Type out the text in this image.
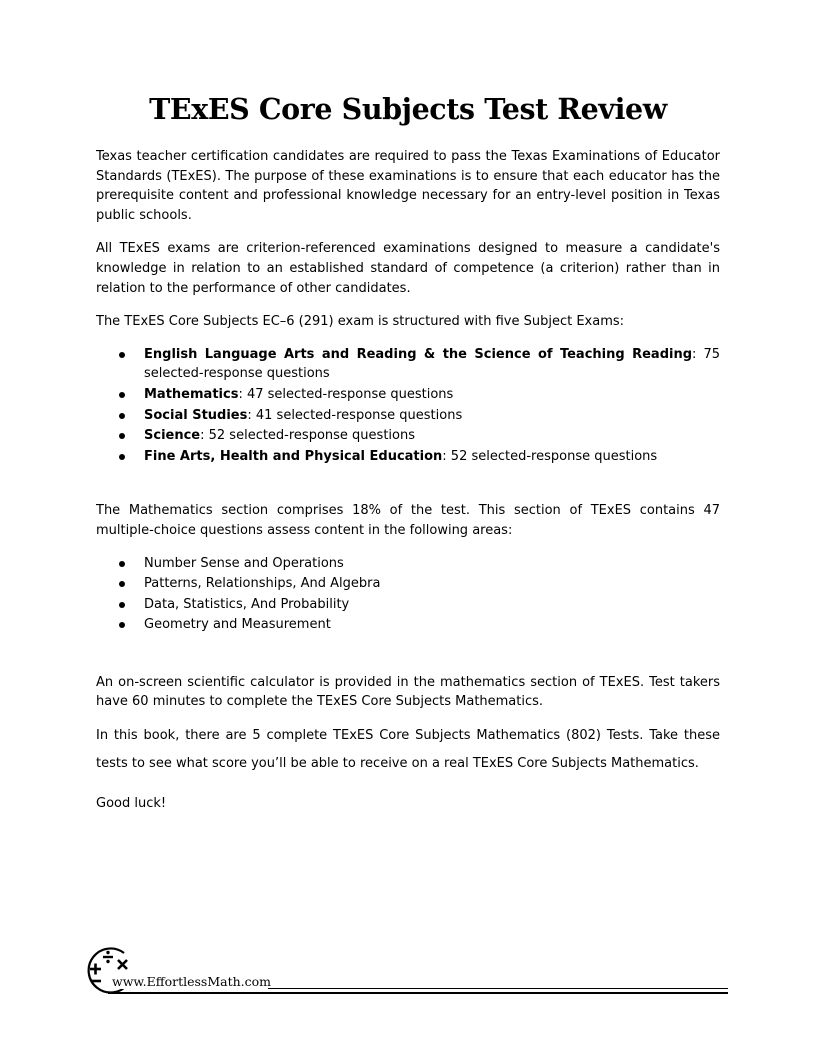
TExES Core Subjects Test Review

Texas teacher certification candidates are required to pass the Texas Examinations of Educator Standards (TExES). The purpose of these examinations is to ensure that each educator has the prerequisite content and professional knowledge necessary for an entry-level position in Texas public schools.

All TExES exams are criterion-referenced examinations designed to measure a candidate's knowledge in relation to an established standard of competence (a criterion) rather than in relation to the performance of other candidates.

The TExES Core Subjects EC–6 (291) exam is structured with five Subject Exams:

English Language Arts and Reading & the Science of Teaching Reading: 75 selected-response questions
Mathematics: 47 selected-response questions
Social Studies: 41 selected-response questions
Science: 52 selected-response questions
Fine Arts, Health and Physical Education: 52 selected-response questions

The Mathematics section comprises 18% of the test. This section of TExES contains 47 multiple-choice questions assess content in the following areas:

Number Sense and Operations
Patterns, Relationships, And Algebra
Data, Statistics, And Probability
Geometry and Measurement

An on-screen scientific calculator is provided in the mathematics section of TExES. Test takers have 60 minutes to complete the TExES Core Subjects Mathematics.

In this book, there are 5 complete TExES Core Subjects Mathematics (802) Tests. Take these tests to see what score you’ll be able to receive on a real TExES Core Subjects Mathematics.

Good luck!

www.EffortlessMath.com
